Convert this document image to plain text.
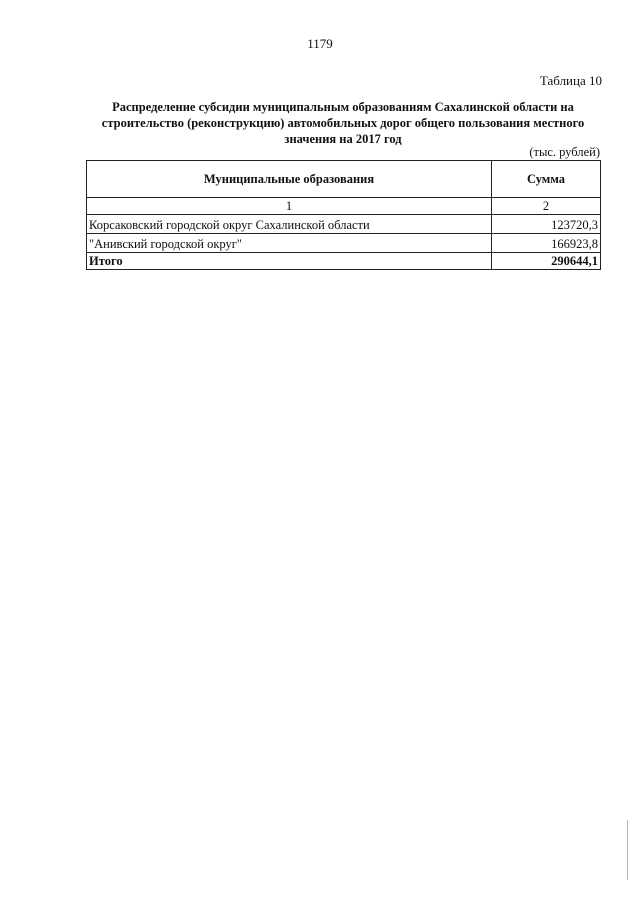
1179
Таблица 10
Распределение субсидии муниципальным образованиям Сахалинской области на
строительство (реконструкцию) автомобильных дорог общего пользования местного
значения на 2017 год
(тыс. рублей)
Муниципальные образования	Сумма
1	2
Корсаковский городской округ Сахалинской области	123720,3
"Анивский городской округ"	166923,8
Итого	290644,1
